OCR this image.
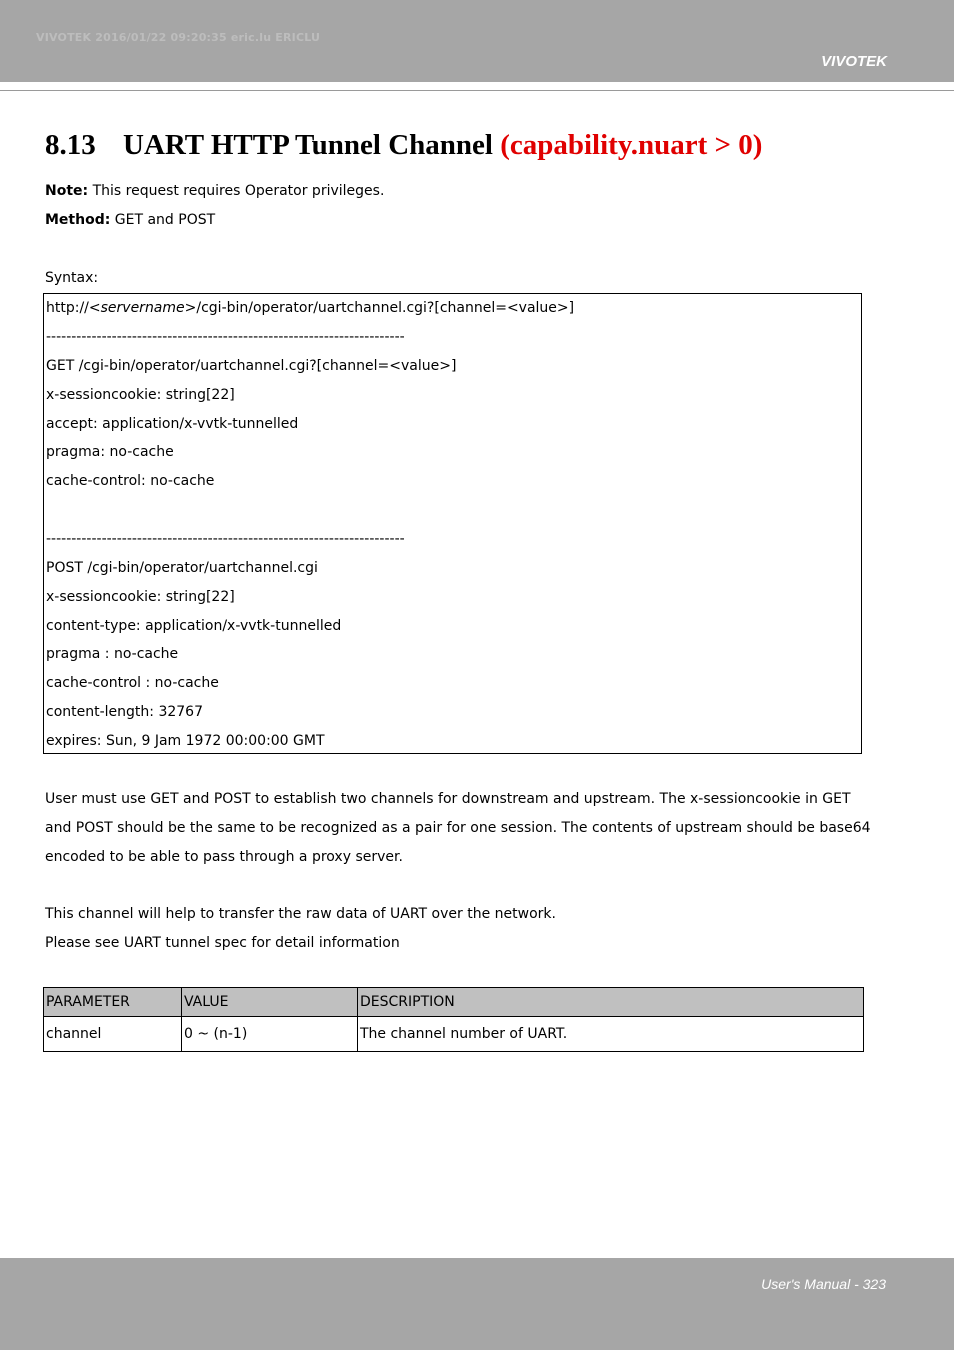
VIVOTEK 2016/01/22 09:20:35 eric.lu ERICLU
VIVOTEK
8.13 UART HTTP Tunnel Channel (capability.nuart > 0)
Note: This request requires Operator privileges.
Method: GET and POST
Syntax:
http://<servername>/cgi-bin/operator/uartchannel.cgi?[channel=<value>]
-----------------------------------------------------------------------
GET /cgi-bin/operator/uartchannel.cgi?[channel=<value>]
x-sessioncookie: string[22]
accept: application/x-vvtk-tunnelled
pragma: no-cache
cache-control: no-cache
-----------------------------------------------------------------------
POST /cgi-bin/operator/uartchannel.cgi
x-sessioncookie: string[22]
content-type: application/x-vvtk-tunnelled
pragma : no-cache
cache-control : no-cache
content-length: 32767
expires: Sun, 9 Jam 1972 00:00:00 GMT
User must use GET and POST to establish two channels for downstream and upstream. The x-sessioncookie in GET and POST should be the same to be recognized as a pair for one session. The contents of upstream should be base64 encoded to be able to pass through a proxy server.
This channel will help to transfer the raw data of UART over the network.
Please see UART tunnel spec for detail information
PARAMETER	VALUE	DESCRIPTION
channel	0 ~ (n-1)	The channel number of UART.
User's Manual - 323
